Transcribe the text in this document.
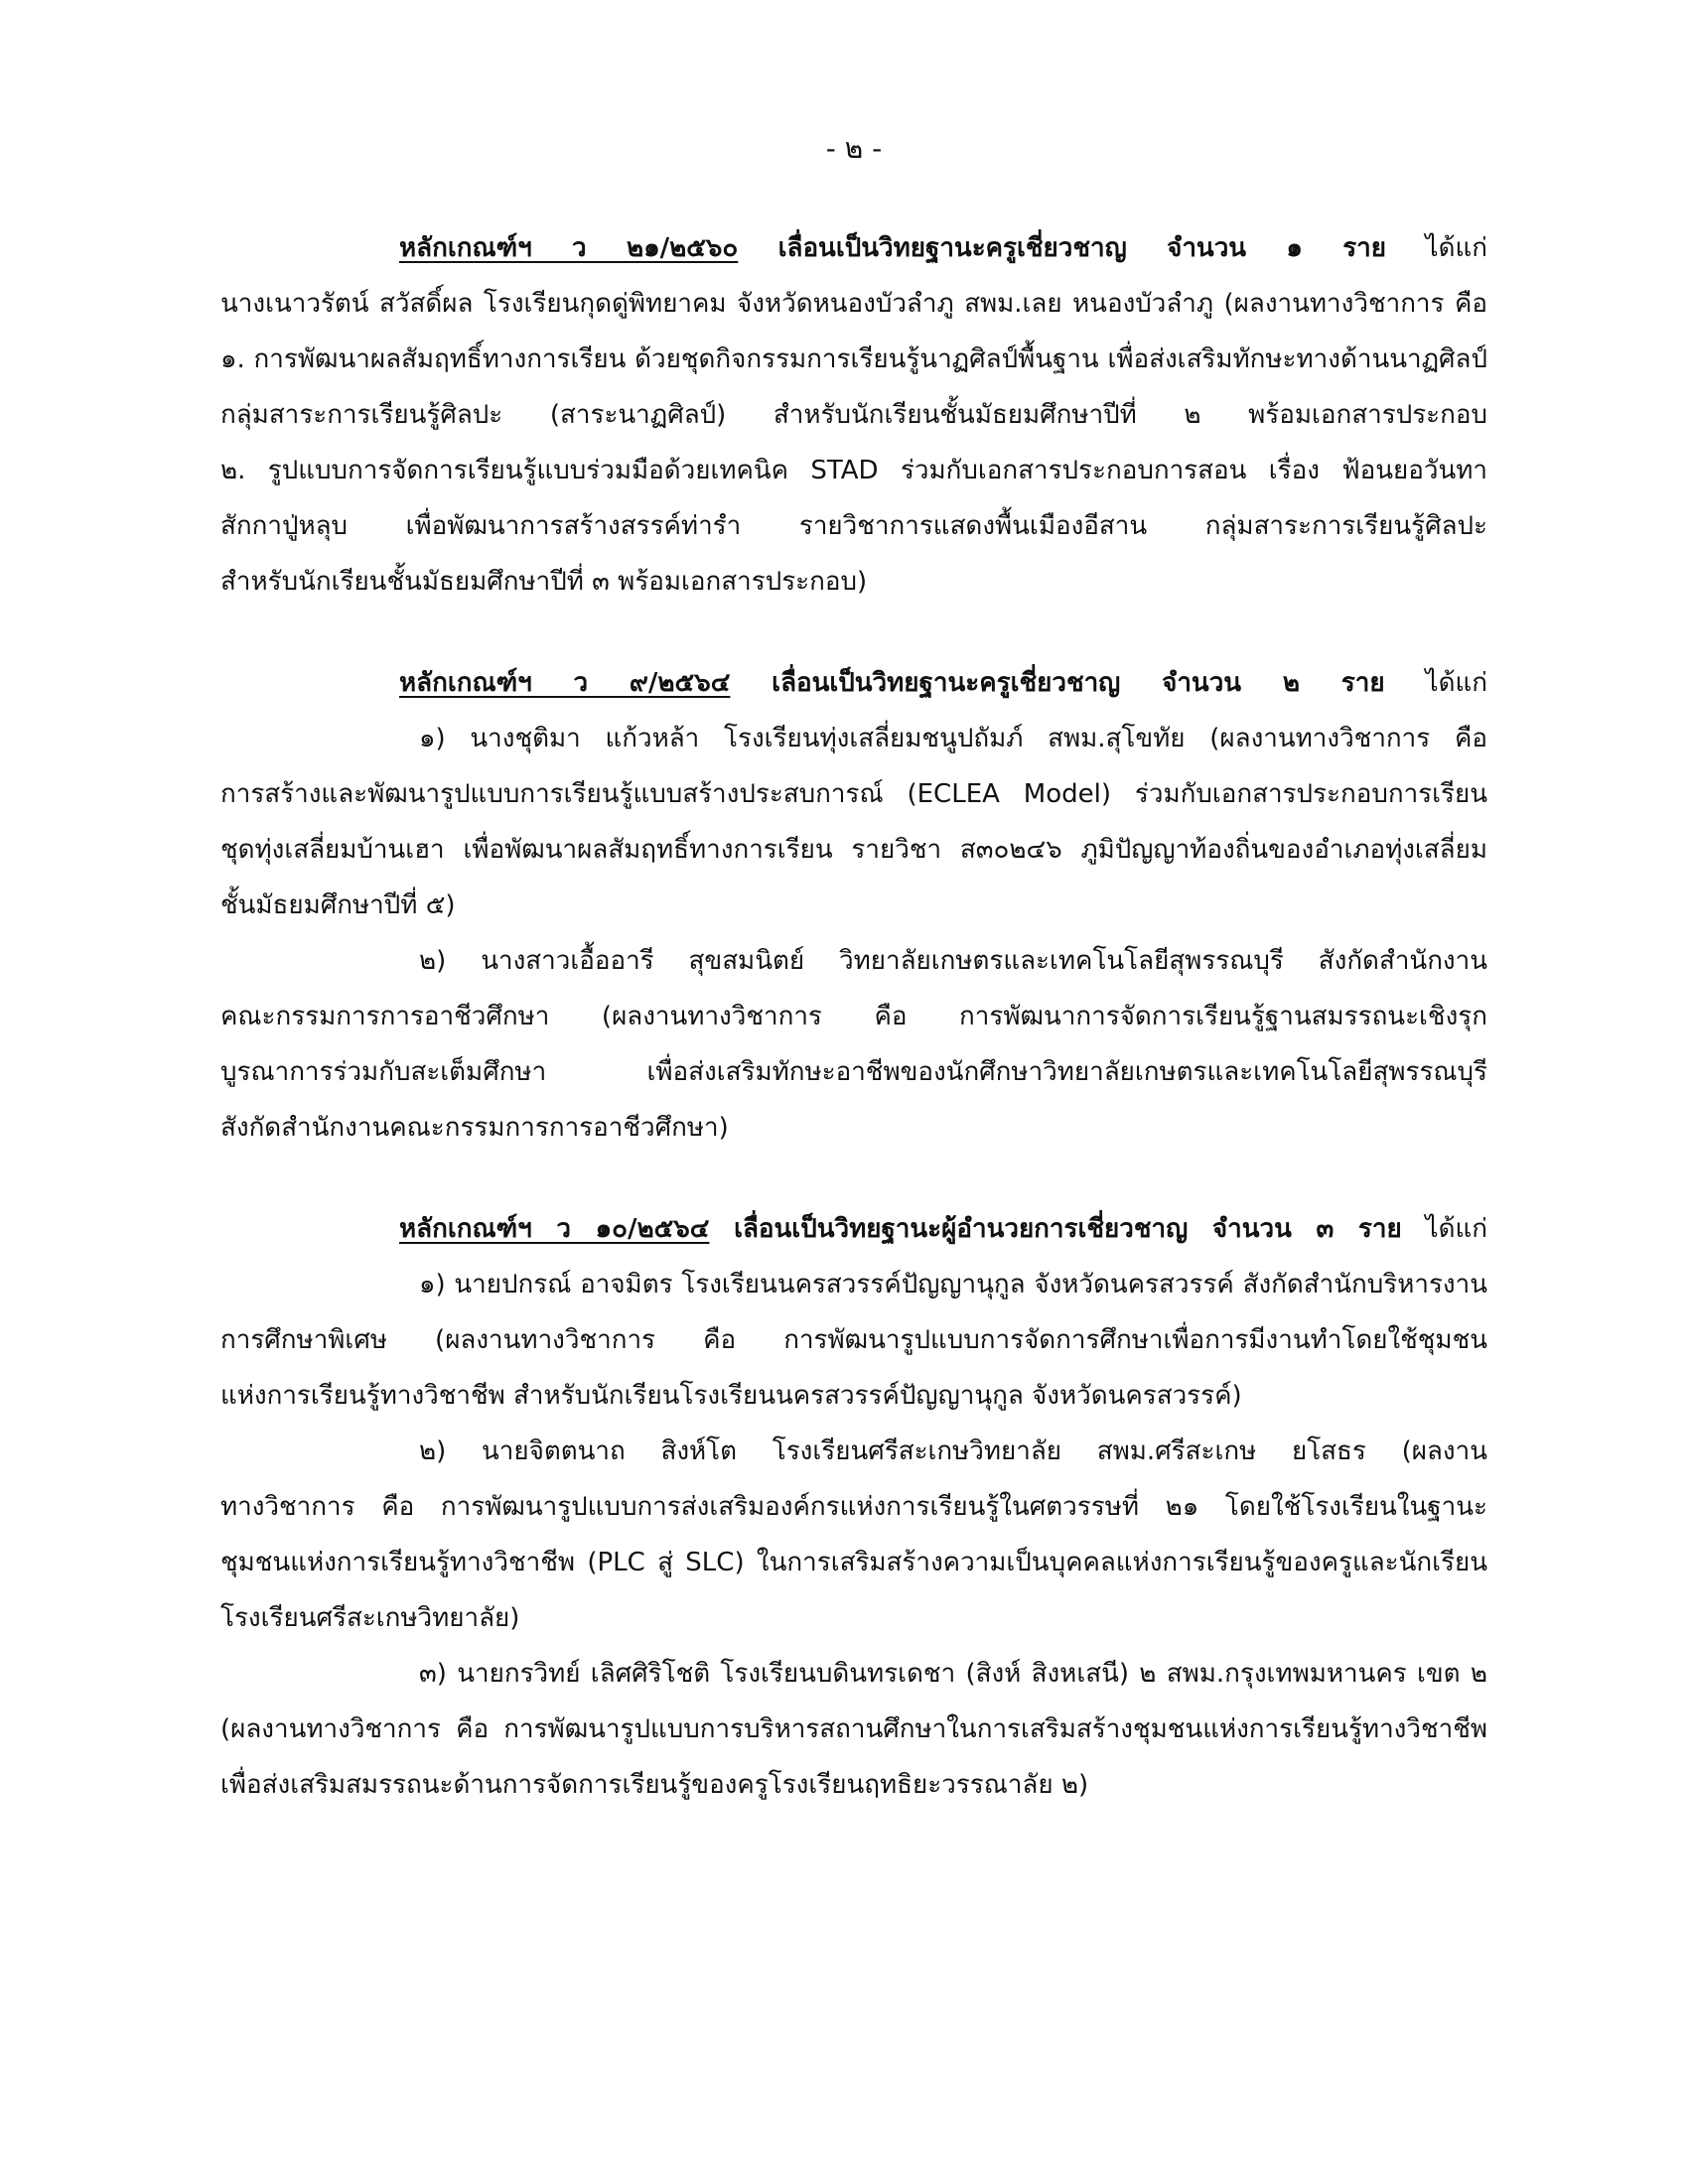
- ๒ -
หลักเกณฑ์ฯ ว ๒๑/๒๕๖๐ เลื่อนเป็นวิทยฐานะครูเชี่ยวชาญ จำนวน ๑ ราย ได้แก่
นางเนาวรัตน์ สวัสดิ์ผล โรงเรียนกุดดู่พิทยาคม จังหวัดหนองบัวลำภู สพม.เลย หนองบัวลำภู (ผลงานทางวิชาการ คือ
๑. การพัฒนาผลสัมฤทธิ์ทางการเรียน ด้วยชุดกิจกรรมการเรียนรู้นาฏศิลป์พื้นฐาน เพื่อส่งเสริมทักษะทางด้านนาฏศิลป์
กลุ่มสาระการเรียนรู้ศิลปะ (สาระนาฏศิลป์) สำหรับนักเรียนชั้นมัธยมศึกษาปีที่ ๒ พร้อมเอกสารประกอบ
๒. รูปแบบการจัดการเรียนรู้แบบร่วมมือด้วยเทคนิค STAD ร่วมกับเอกสารประกอบการสอน เรื่อง ฟ้อนยอวันทา
สักกาปู่หลุบ เพื่อพัฒนาการสร้างสรรค์ท่ารำ รายวิชาการแสดงพื้นเมืองอีสาน กลุ่มสาระการเรียนรู้ศิลปะ
สำหรับนักเรียนชั้นมัธยมศึกษาปีที่ ๓ พร้อมเอกสารประกอบ)
หลักเกณฑ์ฯ ว ๙/๒๕๖๔ เลื่อนเป็นวิทยฐานะครูเชี่ยวชาญ จำนวน ๒ ราย ได้แก่
๑) นางชุติมา แก้วหล้า โรงเรียนทุ่งเสลี่ยมชนูปถัมภ์ สพม.สุโขทัย (ผลงานทางวิชาการ คือ
การสร้างและพัฒนารูปแบบการเรียนรู้แบบสร้างประสบการณ์ (ECLEA Model) ร่วมกับเอกสารประกอบการเรียน
ชุดทุ่งเสลี่ยมบ้านเฮา เพื่อพัฒนาผลสัมฤทธิ์ทางการเรียน รายวิชา ส๓๐๒๔๖ ภูมิปัญญาท้องถิ่นของอำเภอทุ่งเสลี่ยม
ชั้นมัธยมศึกษาปีที่ ๕)
๒) นางสาวเอื้ออารี สุขสมนิตย์ วิทยาลัยเกษตรและเทคโนโลยีสุพรรณบุรี สังกัดสำนักงาน
คณะกรรมการการอาชีวศึกษา (ผลงานทางวิชาการ คือ การพัฒนาการจัดการเรียนรู้ฐานสมรรถนะเชิงรุก
บูรณาการร่วมกับสะเต็มศึกษา เพื่อส่งเสริมทักษะอาชีพของนักศึกษาวิทยาลัยเกษตรและเทคโนโลยีสุพรรณบุรี
สังกัดสำนักงานคณะกรรมการการอาชีวศึกษา)
หลักเกณฑ์ฯ ว ๑๐/๒๕๖๔ เลื่อนเป็นวิทยฐานะผู้อำนวยการเชี่ยวชาญ จำนวน ๓ ราย ได้แก่
๑) นายปกรณ์ อาจมิตร โรงเรียนนครสวรรค์ปัญญานุกูล จังหวัดนครสวรรค์ สังกัดสำนักบริหารงาน
การศึกษาพิเศษ (ผลงานทางวิชาการ คือ การพัฒนารูปแบบการจัดการศึกษาเพื่อการมีงานทำโดยใช้ชุมชน
แห่งการเรียนรู้ทางวิชาชีพ สำหรับนักเรียนโรงเรียนนครสวรรค์ปัญญานุกูล จังหวัดนครสวรรค์)
๒) นายจิตตนาถ สิงห์โต โรงเรียนศรีสะเกษวิทยาลัย สพม.ศรีสะเกษ ยโสธร (ผลงาน
ทางวิชาการ คือ การพัฒนารูปแบบการส่งเสริมองค์กรแห่งการเรียนรู้ในศตวรรษที่ ๒๑ โดยใช้โรงเรียนในฐานะ
ชุมชนแห่งการเรียนรู้ทางวิชาชีพ (PLC สู่ SLC) ในการเสริมสร้างความเป็นบุคคลแห่งการเรียนรู้ของครูและนักเรียน
โรงเรียนศรีสะเกษวิทยาลัย)
๓) นายกรวิทย์ เลิศศิริโชติ โรงเรียนบดินทรเดชา (สิงห์ สิงหเสนี) ๒ สพม.กรุงเทพมหานคร เขต ๒
(ผลงานทางวิชาการ คือ การพัฒนารูปแบบการบริหารสถานศึกษาในการเสริมสร้างชุมชนแห่งการเรียนรู้ทางวิชาชีพ
เพื่อส่งเสริมสมรรถนะด้านการจัดการเรียนรู้ของครูโรงเรียนฤทธิยะวรรณาลัย ๒)
